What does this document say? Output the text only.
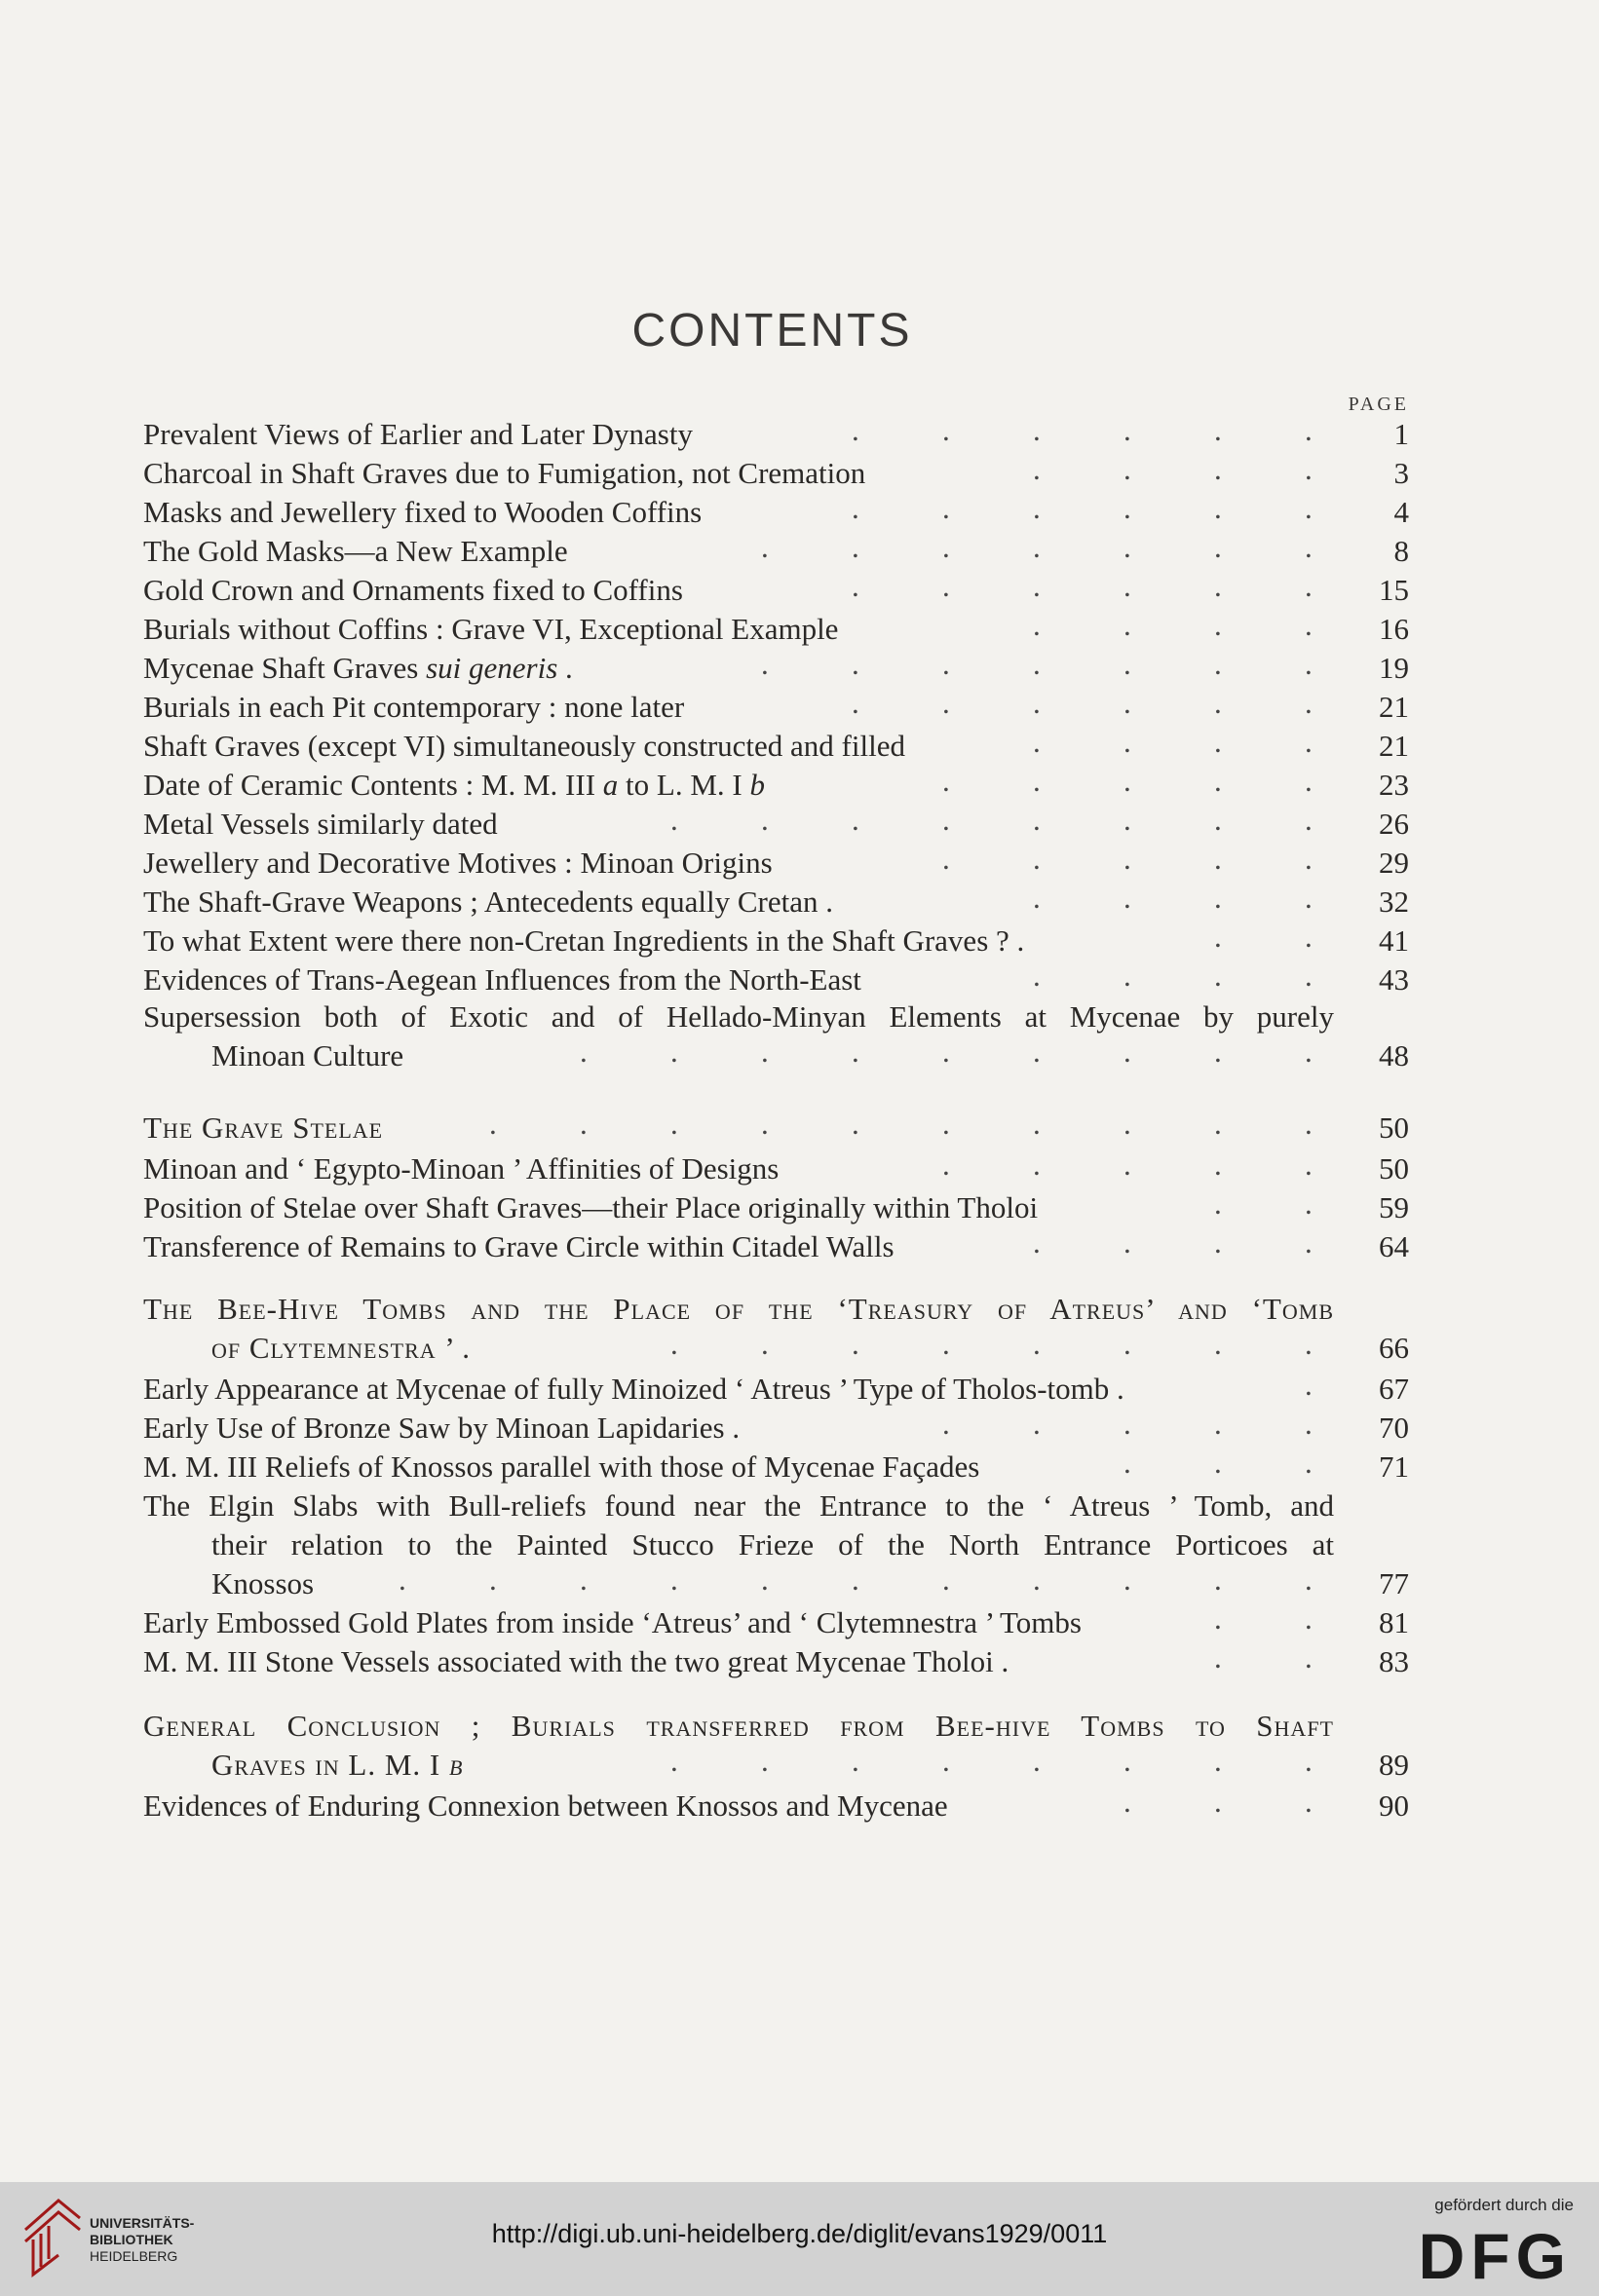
CONTENTS
PAGE
Prevalent Views of Earlier and Later Dynasty	.           .           .           .           .           .	1
Charcoal in Shaft Graves due to Fumigation, not Cremation	.           .           .           .	3
Masks and Jewellery fixed to Wooden Coffins	.           .           .           .           .           .	4
The Gold Masks—a New Example	.           .           .           .           .           .           .	8
Gold Crown and Ornaments fixed to Coffins	.           .           .           .           .           .	15
Burials without Coffins : Grave VI, Exceptional Example	.           .           .           .	16
Mycenae Shaft Graves sui generis .	.           .           .           .           .           .           .	19
Burials in each Pit contemporary : none later	.           .           .           .           .           .	21
Shaft Graves (except VI) simultaneously constructed and filled	.           .           .           .	21
Date of Ceramic Contents : M. M. III a to L. M. I b	.           .           .           .           .	23
Metal Vessels similarly dated	.           .           .           .           .           .           .           .	26
Jewellery and Decorative Motives : Minoan Origins	.           .           .           .           .	29
The Shaft-Grave Weapons ; Antecedents equally Cretan .	.           .           .           .	32
To what Extent were there non-Cretan Ingredients in the Shaft Graves ? .	.           .	41
Evidences of Trans-Aegean Influences from the North-East	.           .           .           .	43
Supersession both of Exotic and of Hellado-Minyan Elements at Mycenae by purely
Minoan Culture	.           .           .           .           .           .           .           .           .	48
The Grave Stelae	.           .           .           .           .           .           .           .           .           .	50
Minoan and ‘ Egypto-Minoan ’ Affinities of Designs	.           .           .           .           .	50
Position of Stelae over Shaft Graves—their Place originally within Tholoi	.           .	59
Transference of Remains to Grave Circle within Citadel Walls	.           .           .           .	64
The Bee-Hive Tombs and the Place of the ‘Treasury of Atreus’ and ‘Tomb
of Clytemnestra ’ .	.           .           .           .           .           .           .           .	66
Early Appearance at Mycenae of fully Minoized ‘ Atreus ’ Type of Tholos-tomb .	.	67
Early Use of Bronze Saw by Minoan Lapidaries .	.           .           .           .           .	70
M. M. III Reliefs of Knossos parallel with those of Mycenae Façades	.           .           .	71
The Elgin Slabs with Bull-reliefs found near the Entrance to the ‘ Atreus ’ Tomb, and
their relation to the Painted Stucco Frieze of the North Entrance Porticoes at
Knossos	.           .           .           .           .           .           .           .           .           .           .	77
Early Embossed Gold Plates from inside ‘Atreus’ and ‘ Clytemnestra ’ Tombs	.           .	81
M. M. III Stone Vessels associated with the two great Mycenae Tholoi .	.           .	83
General Conclusion ; Burials transferred from Bee-hive Tombs to Shaft
Graves in L. M. I b	.           .           .           .           .           .           .           .	89
Evidences of Enduring Connexion between Knossos and Mycenae	.           .           .	90
UNIVERSITÄTS-
BIBLIOTHEK
HEIDELBERG
http://digi.ub.uni-heidelberg.de/diglit/evans1929/0011
gefördert durch die
DFG
